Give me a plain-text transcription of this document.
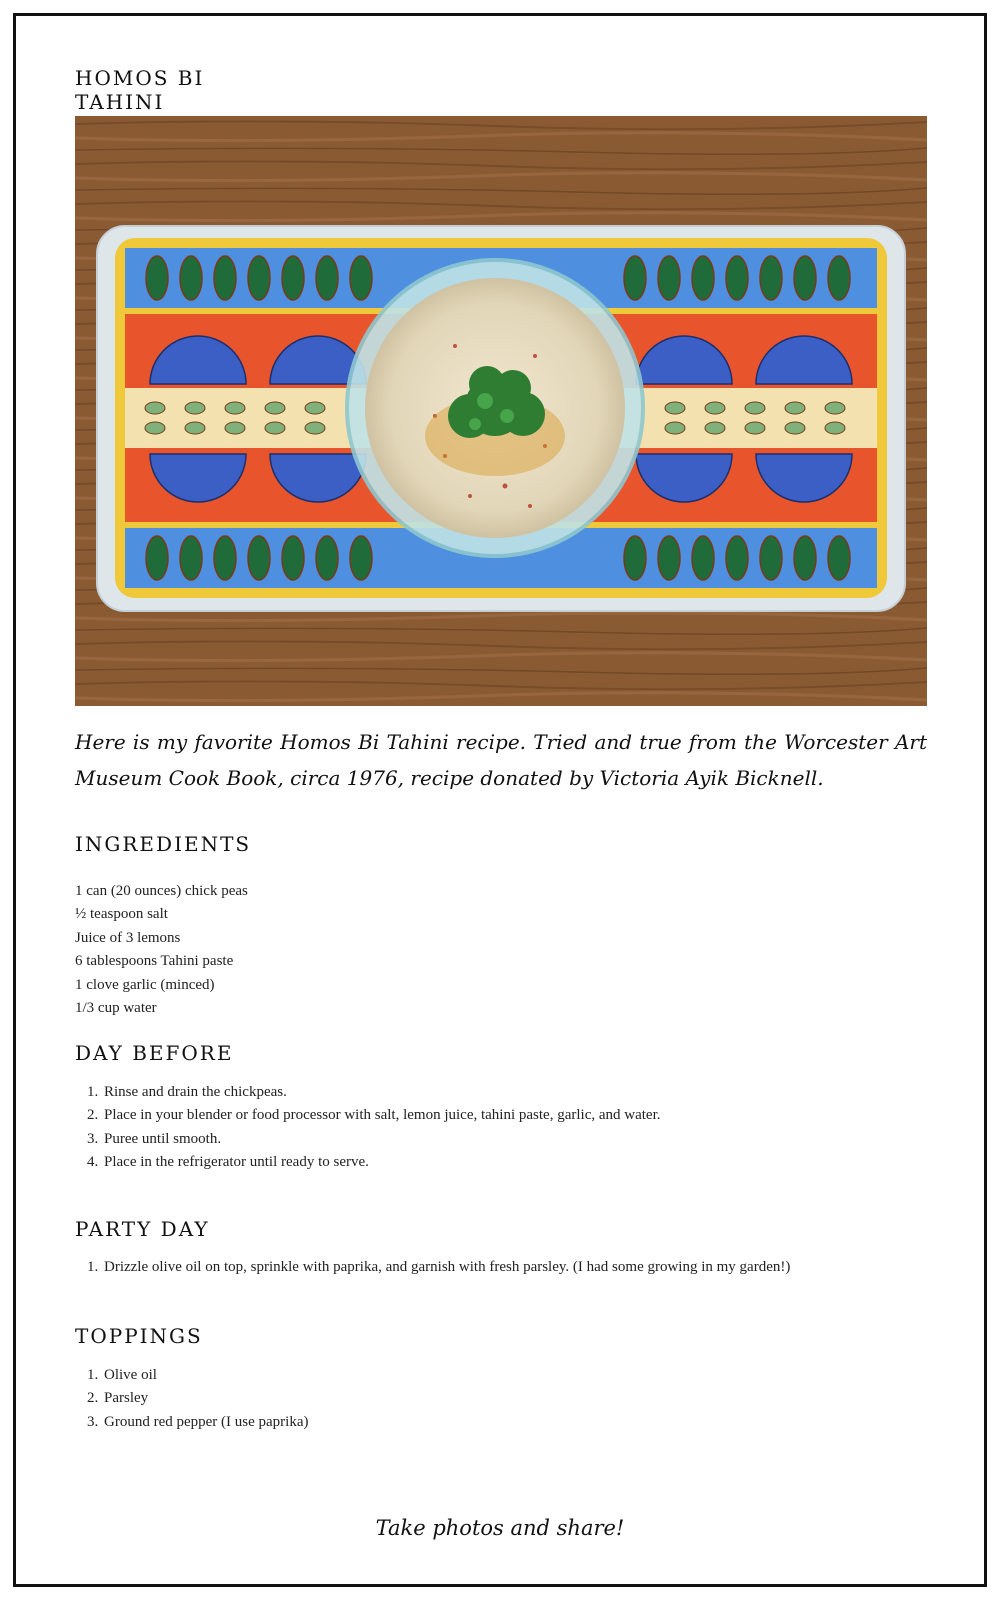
HOMOS BI TAHINI

Here is my favorite Homos Bi Tahini recipe. Tried and true from the Worcester Art Museum Cook Book, circa 1976, recipe donated by Victoria Ayik Bicknell.

INGREDIENTS
1 can (20 ounces) chick peas
½ teaspoon salt
Juice of 3 lemons
6 tablespoons Tahini paste
1 clove garlic (minced)
1/3 cup water
DAY BEFORE
1. Rinse and drain the chickpeas.
2. Place in your blender or food processor with salt, lemon juice, tahini paste, garlic, and water.
3. Puree until smooth.
4. Place in the refrigerator until ready to serve.
PARTY DAY
1. Drizzle olive oil on top, sprinkle with paprika, and garnish with fresh parsley. (I had some growing in my garden!)
TOPPINGS
1. Olive oil
2. Parsley
3. Ground red pepper (I use paprika)
Take photos and share!
